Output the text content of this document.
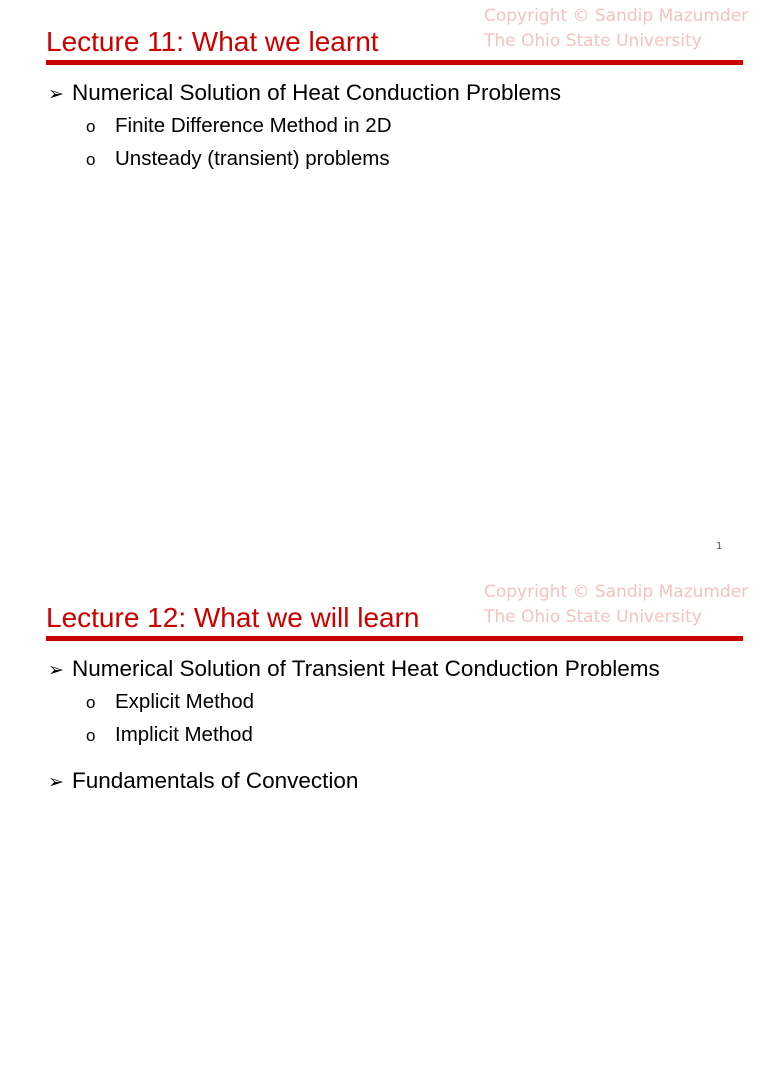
Copyright © Sandip Mazumder
The Ohio State University
Lecture 11: What we learnt
➢ Numerical Solution of Heat Conduction Problems
o Finite Difference Method in 2D
o Unsteady (transient) problems
1
Copyright © Sandip Mazumder
The Ohio State University
Lecture 12: What we will learn
➢ Numerical Solution of Transient Heat Conduction Problems
o Explicit Method
o Implicit Method
➢ Fundamentals of Convection
